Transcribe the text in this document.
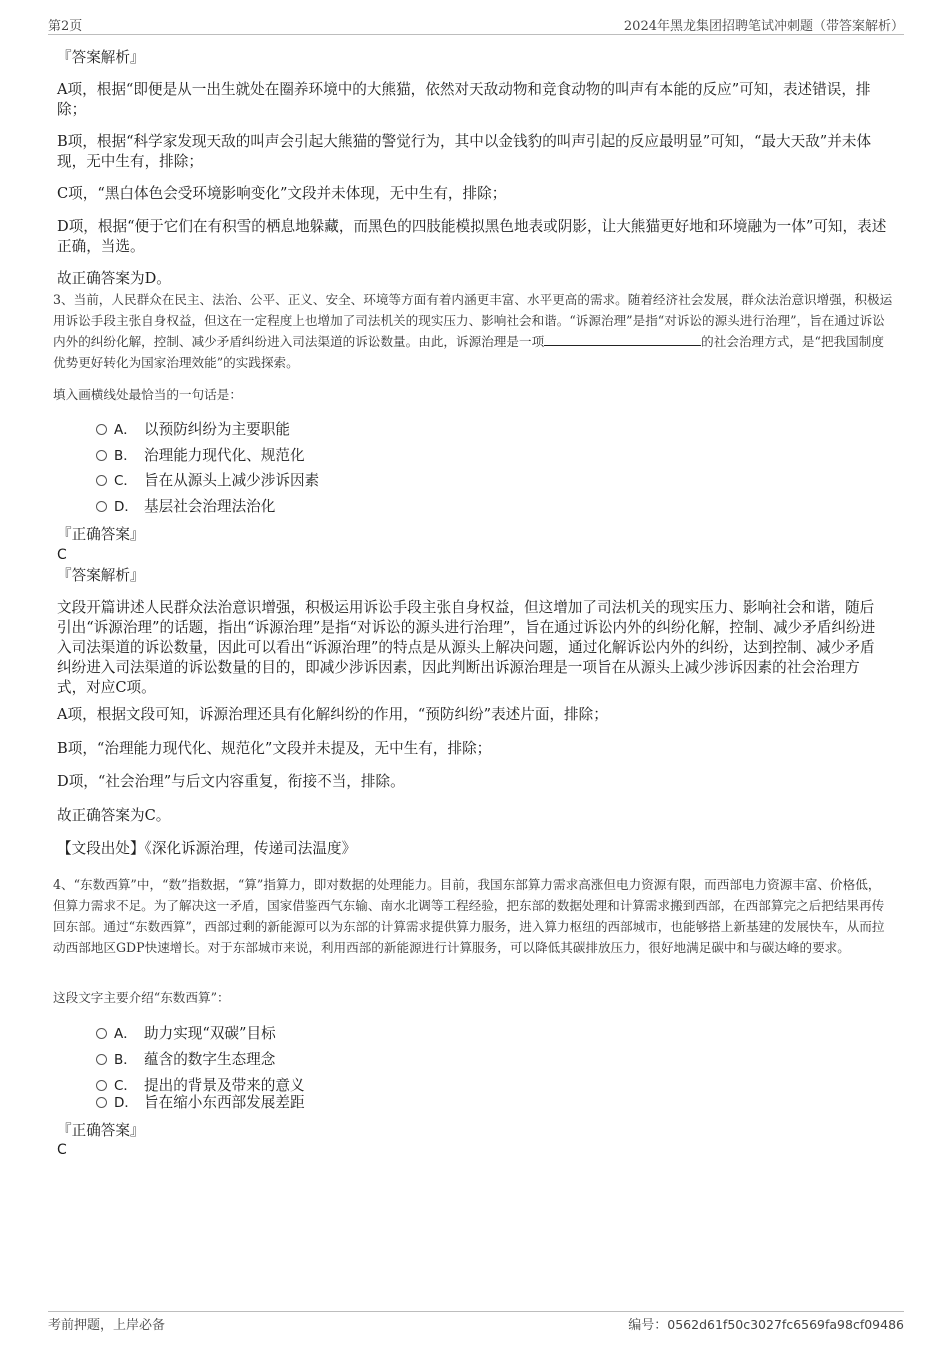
第2页	2024年黑龙集团招聘笔试冲刺题（带答案解析）
『答案解析』
A项，根据“即便是从一出生就处在圈养环境中的大熊猫，依然对天敌动物和竞食动物的叫声有本能的反应”可知，表述错误，排除；
B项，根据“科学家发现天敌的叫声会引起大熊猫的警觉行为，其中以金钱豹的叫声引起的反应最明显”可知，“最大天敌”并未体现，无中生有，排除；
C项，“黑白体色会受环境影响变化”文段并未体现，无中生有，排除；
D项，根据“便于它们在有积雪的栖息地躲藏，而黑色的四肢能模拟黑色地表或阴影，让大熊猫更好地和环境融为一体”可知，表述正确，当选。
故正确答案为D。
3、当前，人民群众在民主、法治、公平、正义、安全、环境等方面有着内涵更丰富、水平更高的需求。随着经济社会发展，群众法治意识增强，积极运用诉讼手段主张自身权益，但这在一定程度上也增加了司法机关的现实压力、影响社会和谐。“诉源治理”是指“对诉讼的源头进行治理”，旨在通过诉讼内外的纠纷化解，控制、减少矛盾纠纷进入司法渠道的诉讼数量。由此，诉源治理是一项	的社会治理方式，是“把我国制度优势更好转化为国家治理效能”的实践探索。
填入画横线处最恰当的一句话是：
A． 以预防纠纷为主要职能
B． 治理能力现代化、规范化
C． 旨在从源头上减少涉诉因素
D． 基层社会治理法治化
『正确答案』
C
『答案解析』
文段开篇讲述人民群众法治意识增强，积极运用诉讼手段主张自身权益，但这增加了司法机关的现实压力、影响社会和谐，随后引出“诉源治理”的话题，指出“诉源治理”是指“对诉讼的源头进行治理”，旨在通过诉讼内外的纠纷化解，控制、减少矛盾纠纷进入司法渠道的诉讼数量，因此可以看出“诉源治理”的特点是从源头上解决问题，通过化解诉讼内外的纠纷，达到控制、减少矛盾纠纷进入司法渠道的诉讼数量的目的，即减少涉诉因素，因此判断出诉源治理是一项旨在从源头上减少涉诉因素的社会治理方式，对应C项。
A项，根据文段可知，诉源治理还具有化解纠纷的作用，“预防纠纷”表述片面，排除；
B项，“治理能力现代化、规范化”文段并未提及，无中生有，排除；
D项，“社会治理”与后文内容重复，衔接不当，排除。
故正确答案为C。
【文段出处】《深化诉源治理，传递司法温度》
4、“东数西算”中，“数”指数据，“算”指算力，即对数据的处理能力。目前，我国东部算力需求高涨但电力资源有限，而西部电力资源丰富、价格低，但算力需求不足。为了解决这一矛盾，国家借鉴西气东输、南水北调等工程经验，把东部的数据处理和计算需求搬到西部，在西部算完之后把结果再传回东部。通过“东数西算”，西部过剩的新能源可以为东部的计算需求提供算力服务，进入算力枢纽的西部城市，也能够搭上新基建的发展快车，从而拉动西部地区GDP快速增长。对于东部城市来说，利用西部的新能源进行计算服务，可以降低其碳排放压力，很好地满足碳中和与碳达峰的要求。
这段文字主要介绍“东数西算”：
A． 助力实现“双碳”目标
B． 蕴含的数字生态理念
C． 提出的背景及带来的意义
D． 旨在缩小东西部发展差距
『正确答案』
C
考前押题，上岸必备	编号：0562d61f50c3027fc6569fa98cf09486
